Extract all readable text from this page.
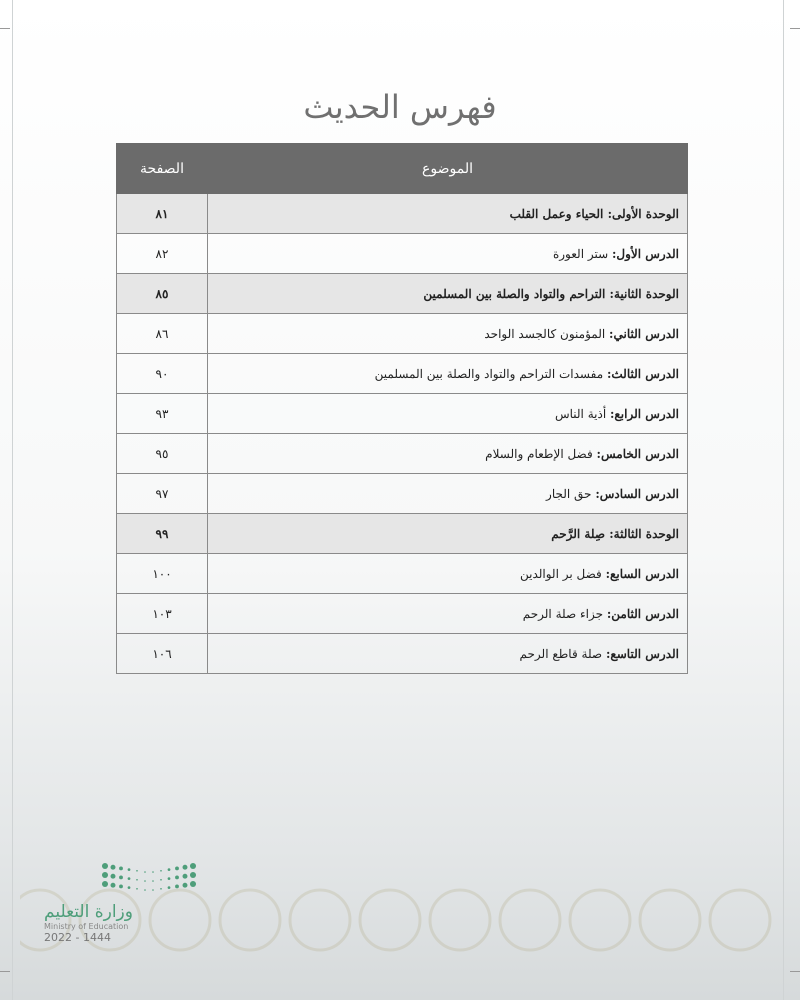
فهرس الحديث
الموضوع	الصفحة
الوحدة الأولى: الحياء وعمل القلب	٨١
الدرس الأول: ستر العورة	٨٢
الوحدة الثانية: التراحم والتواد والصلة بين المسلمين	٨٥
الدرس الثاني: المؤمنون كالجسد الواحد	٨٦
الدرس الثالث: مفسدات التراحم والتواد والصلة بين المسلمين	٩٠
الدرس الرابع: أذية الناس	٩٣
الدرس الخامس: فضل الإطعام والسلام	٩٥
الدرس السادس: حق الجار	٩٧
الوحدة الثالثة: صِلة الرَّحم	٩٩
الدرس السابع: فضل بر الوالدين	١٠٠
الدرس الثامن: جزاء صلة الرحم	١٠٣
الدرس التاسع: صلة قاطع الرحم	١٠٦
وزارة التعليم
Ministry of Education
2022 - 1444
